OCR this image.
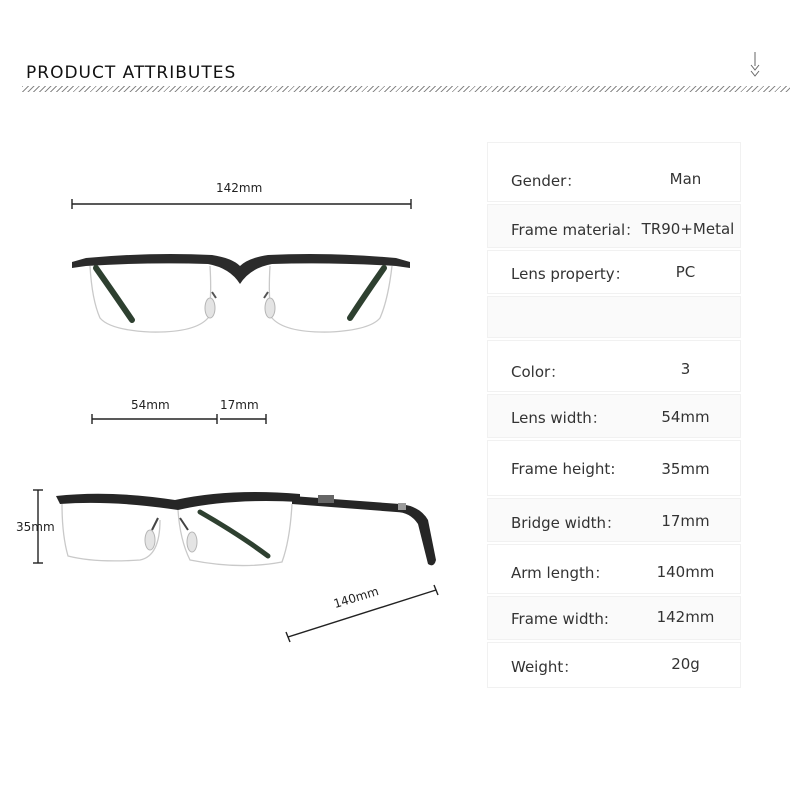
PRODUCT ATTRIBUTES
142mm
54mm	17mm
35mm
140mm
Gender：	Man
Frame material： TR90+Metal
Lens property：	PC
Color：	3
Lens width：	54mm
Frame height:	35mm
Bridge width：	17mm
Arm length：	140mm
Frame width:	142mm
Weight：	20g
